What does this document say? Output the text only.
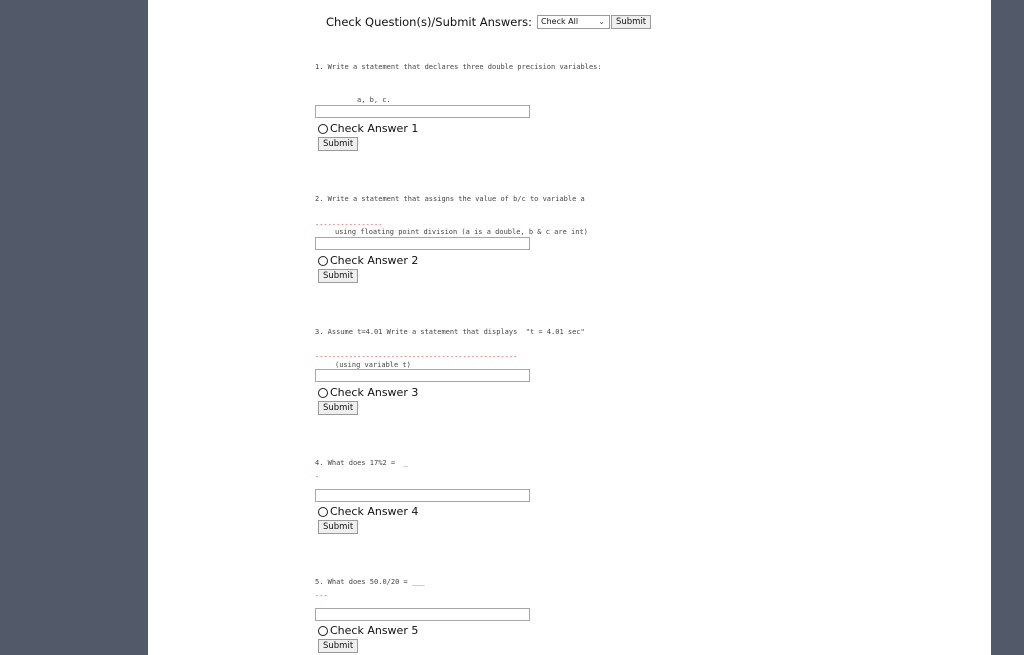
Check Question(s)/Submit Answers:	Check All	⌄	Submit

1. Write a statement that declares three double precision variables:

a, b, c.

Check Answer 1
Submit

2. Write a statement that assigns the value of b/c to variable a

using floating point division (a is a double, b & c are int)

----------------
Check Answer 2
Submit

3. Assume t=4.01 Write a statement that displays  "t = 4.01 sec"

(using variable t)

------------------------------------------------
Check Answer 3
Submit

4. What does 17%2 =  _

-
Check Answer 4
Submit

5. What does 50.0/20 = ___

---
Check Answer 5
Submit
